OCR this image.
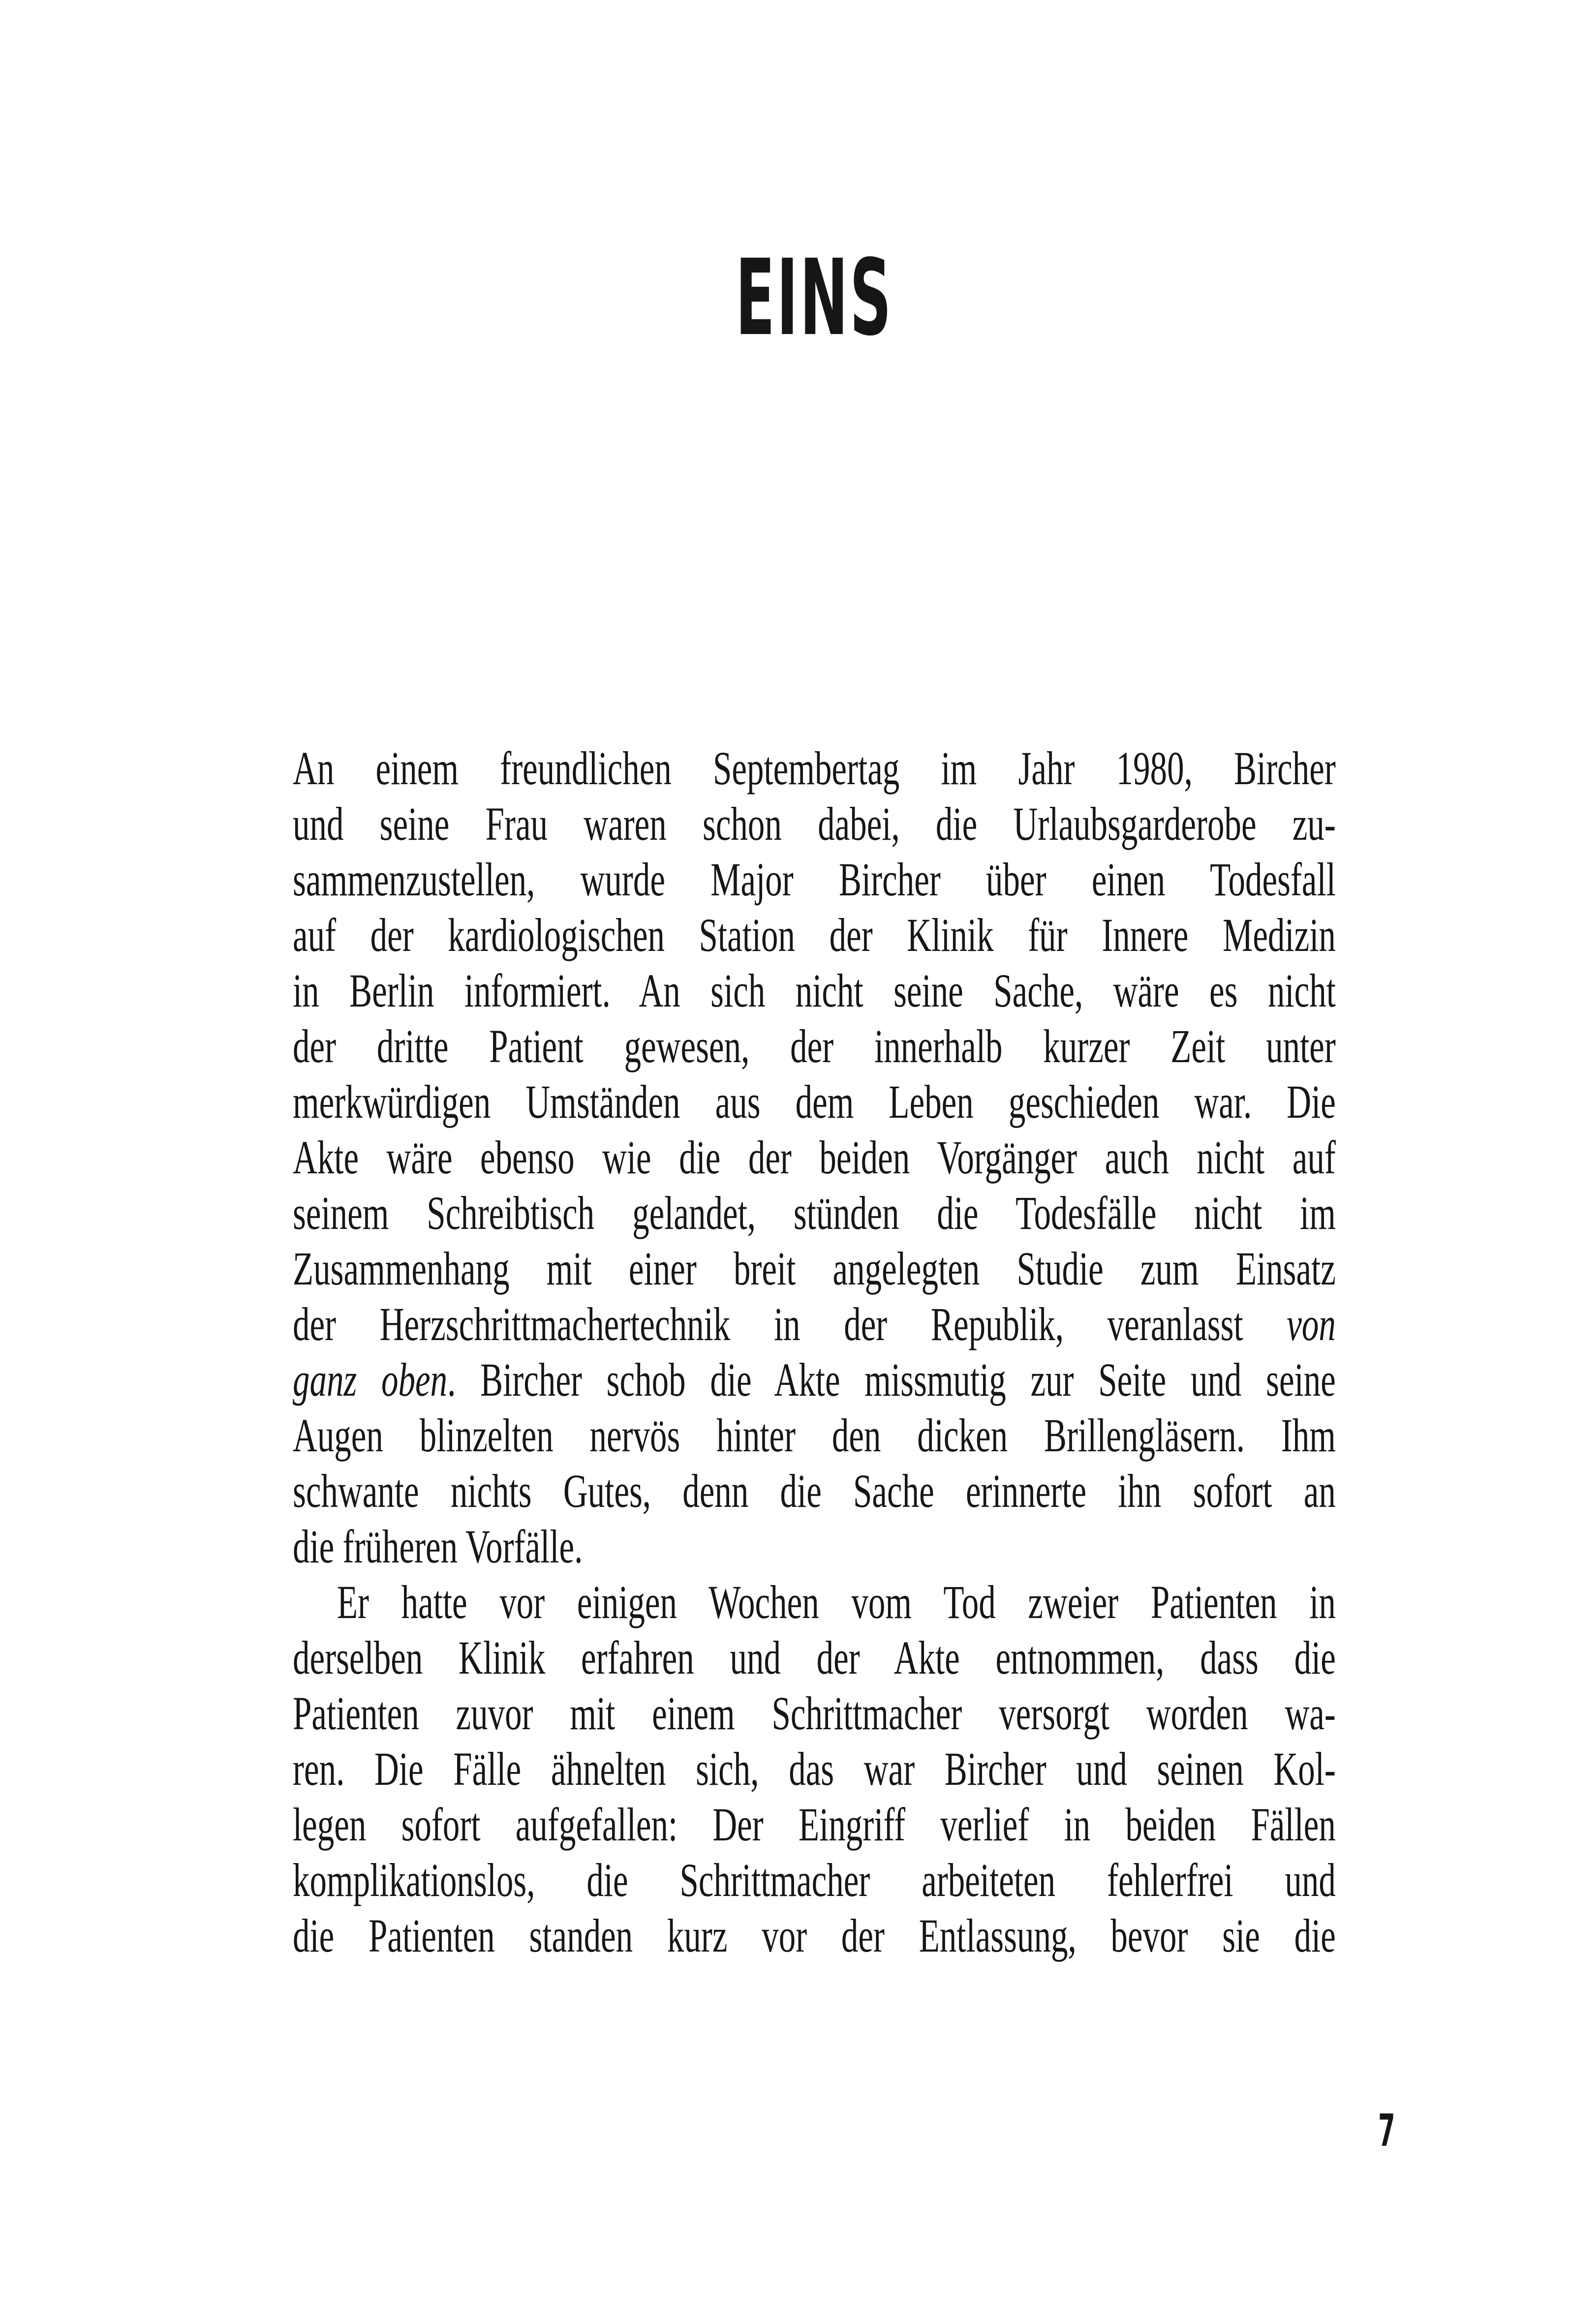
EINS
An einem freundlichen Septembertag im Jahr 1980, Bircher
und seine Frau waren schon dabei, die Urlaubsgarderobe zu-
sammenzustellen, wurde Major Bircher über einen Todesfall
auf der kardiologischen Station der Klinik für Innere Medizin
in Berlin informiert. An sich nicht seine Sache, wäre es nicht
der dritte Patient gewesen, der innerhalb kurzer Zeit unter
merkwürdigen Umständen aus dem Leben geschieden war. Die
Akte wäre ebenso wie die der beiden Vorgänger auch nicht auf
seinem Schreibtisch gelandet, stünden die Todesfälle nicht im
Zusammenhang mit einer breit angelegten Studie zum Einsatz
der Herzschrittmachertechnik in der Republik, veranlasst von
ganz oben. Bircher schob die Akte missmutig zur Seite und seine
Augen blinzelten nervös hinter den dicken Brillengläsern. Ihm
schwante nichts Gutes, denn die Sache erinnerte ihn sofort an
die früheren Vorfälle.
Er hatte vor einigen Wochen vom Tod zweier Patienten in
derselben Klinik erfahren und der Akte entnommen, dass die
Patienten zuvor mit einem Schrittmacher versorgt worden wa-
ren. Die Fälle ähnelten sich, das war Bircher und seinen Kol-
legen sofort aufgefallen: Der Eingriff verlief in beiden Fällen
komplikationslos, die Schrittmacher arbeiteten fehlerfrei und
die Patienten standen kurz vor der Entlassung, bevor sie die
7
